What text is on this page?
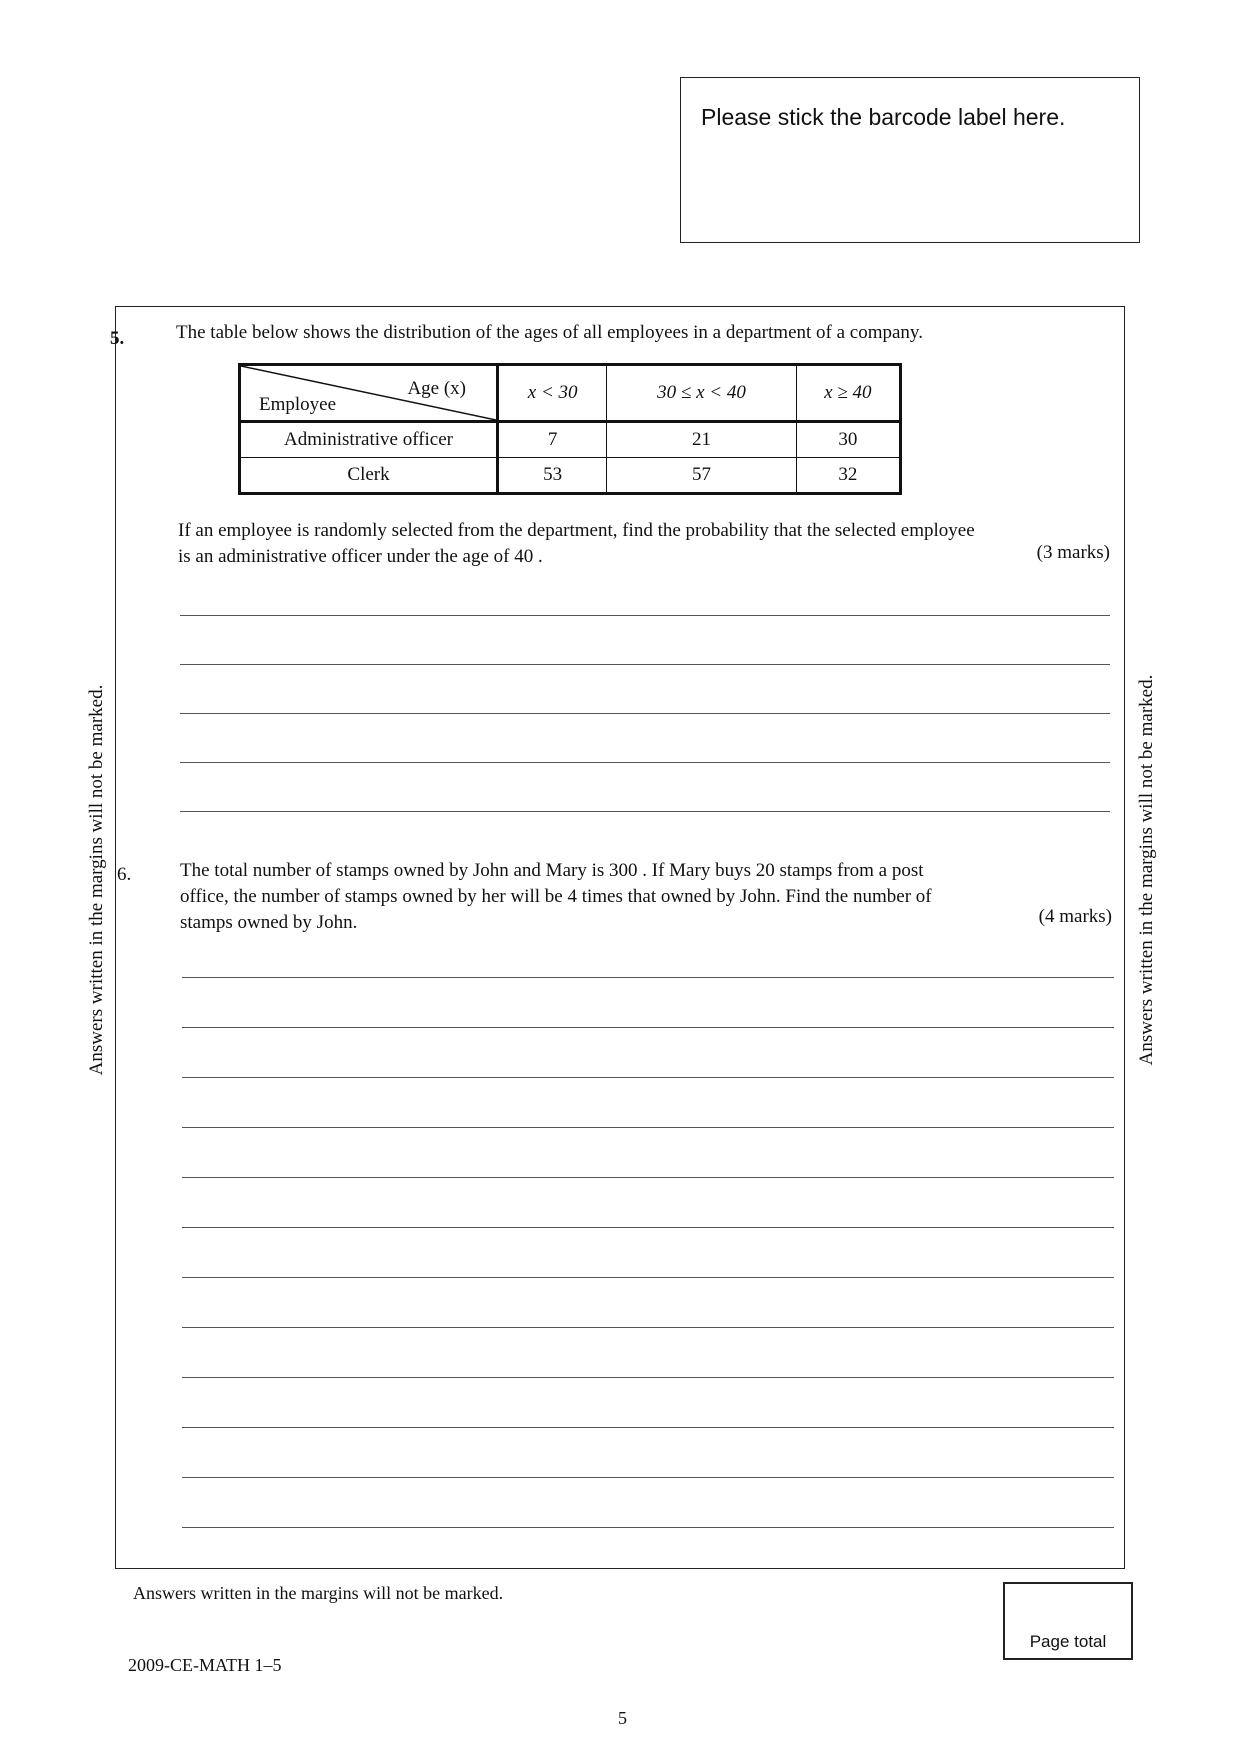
Please stick the barcode label here.
Answers written in the margins will not be marked.	Answers written in the margins will not be marked.
5.	The table below shows the distribution of the ages of all employees in a department of a company.
Age (x)
Employee	x < 30	30 ≤ x < 40	x ≥ 40
Administrative officer	7	21	30
Clerk	53	57	32
If an employee is randomly selected from the department, find the probability that the selected employee
is an administrative officer under the age of 40 .	(3 marks)
6.	The total number of stamps owned by John and Mary is 300 . If Mary buys 20 stamps from a post
office, the number of stamps owned by her will be 4 times that owned by John. Find the number of
stamps owned by John.	(4 marks)
Answers written in the margins will not be marked.
Page total
2009-CE-MATH 1–5
5
